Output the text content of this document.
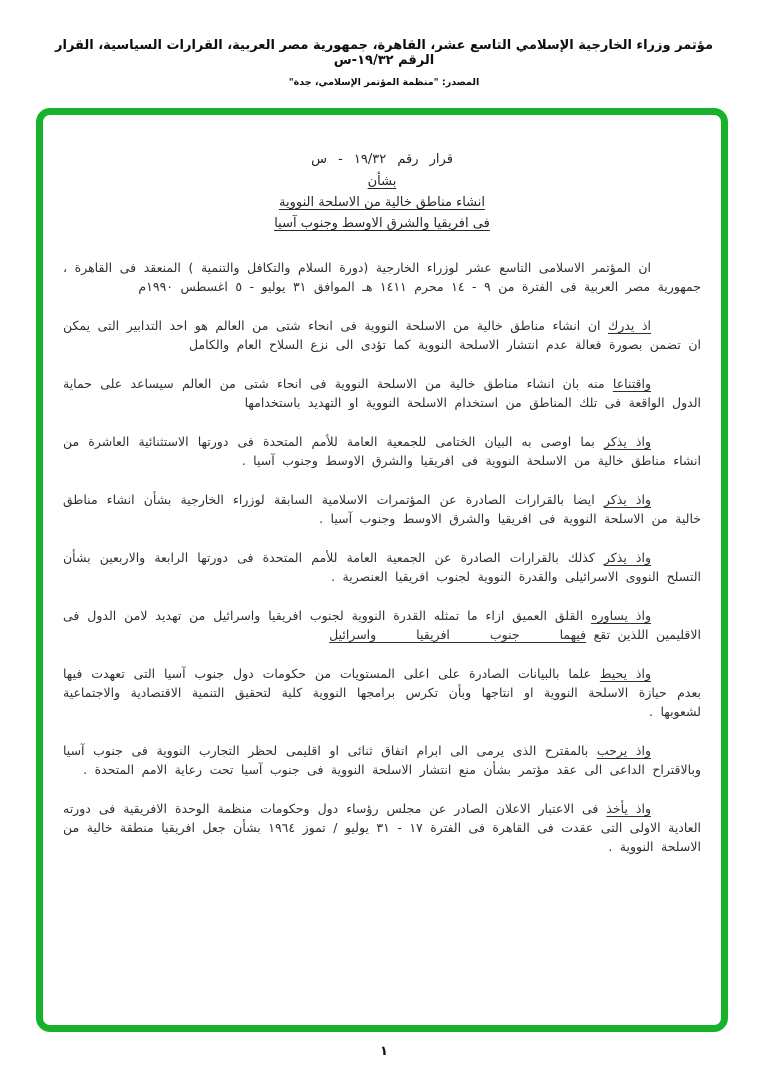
مؤتمر وزراء الخارجية الإسلامي التاسع عشر، القاهرة، جمهورية مصر العربية، القرارات السياسية، القرار الرقم ١٩/٣٢-س
المصدر: "منظمة المؤتمر الإسلامي، جدة"
قرار رقم ١٩/٣٢ - س
بشأن
انشاء مناطق خالية من الاسلحة النووية
فى افريقيا والشرق الاوسط وجنوب آسيا

ان المؤتمر الاسلامى التاسع عشر لوزراء الخارجية (دورة السلام والتكافل والتنمية ) المنعقد فى القاهرة ، جمهورية مصر العربية فى الفترة من ٩ - ١٤ محرم ١٤١١ هـ الموافق ٣١ يوليو - ٥ اغسطس ١٩٩٠م

اذ يدرك ان انشاء مناطق خالية من الاسلحة النووية فى انحاء شتى من العالم هو احد التدابير التى يمكن ان تضمن بصورة فعالة عدم انتشار الاسلحة النووية كما تؤدى الى نزع السلاح العام والكامل

واقتناعا منه بان انشاء مناطق خالية من الاسلحة النووية فى انحاء شتى من العالم سيساعد على حماية الدول الواقعة فى تلك المناطق من استخدام الاسلحة النووية او التهديد باستخدامها

واذ يذكر بما اوصى به البيان الختامى للجمعية العامة للأمم المتحدة فى دورتها الاستثنائية العاشرة من انشاء مناطق خالية من الاسلحة النووية فى افريقيا والشرق الاوسط وجنوب آسيا .

واذ يذكر ايضا بالقرارات الصادرة عن المؤتمرات الاسلامية السابقة لوزراء الخارجية بشأن انشاء مناطق خالية من الاسلحة النووية فى افريقيا والشرق الاوسط وجنوب آسيا .

واذ يذكر كذلك بالقرارات الصادرة عن الجمعية العامة للأمم المتحدة فى دورتها الرابعة والاربعين بشأن التسلح النووى الاسرائيلى والقدرة النووية لجنوب افريقيا العنصرية .

واذ يساوره القلق العميق ازاء ما تمثله القدرة النووية لجنوب افريقيا واسرائيل من تهديد لامن الدول فى الاقليمين اللذين تقع فيهما جنوب افريقيا واسرائيل

واذ يحيط علما بالبيانات الصادرة على اعلى المستويات من حكومات دول جنوب آسيا التى تعهدت فيها بعدم حيازة الاسلحة النووية او انتاجها وبأن تكرس برامجها النووية كلية لتحقيق التنمية الاقتصادية والاجتماعية لشعوبها .

واذ يرحب بالمقترح الذى يرمى الى ابرام اتفاق ثنائى او اقليمى لحظر التجارب النووية فى جنوب آسيا وبالاقتراح الداعى الى عقد مؤتمر بشأن منع انتشار الاسلحة النووية فى جنوب آسيا تحت رعاية الامم المتحدة .

واذ يأخذ فى الاعتبار الاعلان الصادر عن مجلس رؤساء دول وحكومات منظمة الوحدة الافريقية فى دورته العادية الاولى التى عقدت فى القاهرة فى الفترة ١٧ - ٣١ يوليو / تموز ١٩٦٤ بشأن جعل افريقيا منطقة خالية من الاسلحة النووية .

١
